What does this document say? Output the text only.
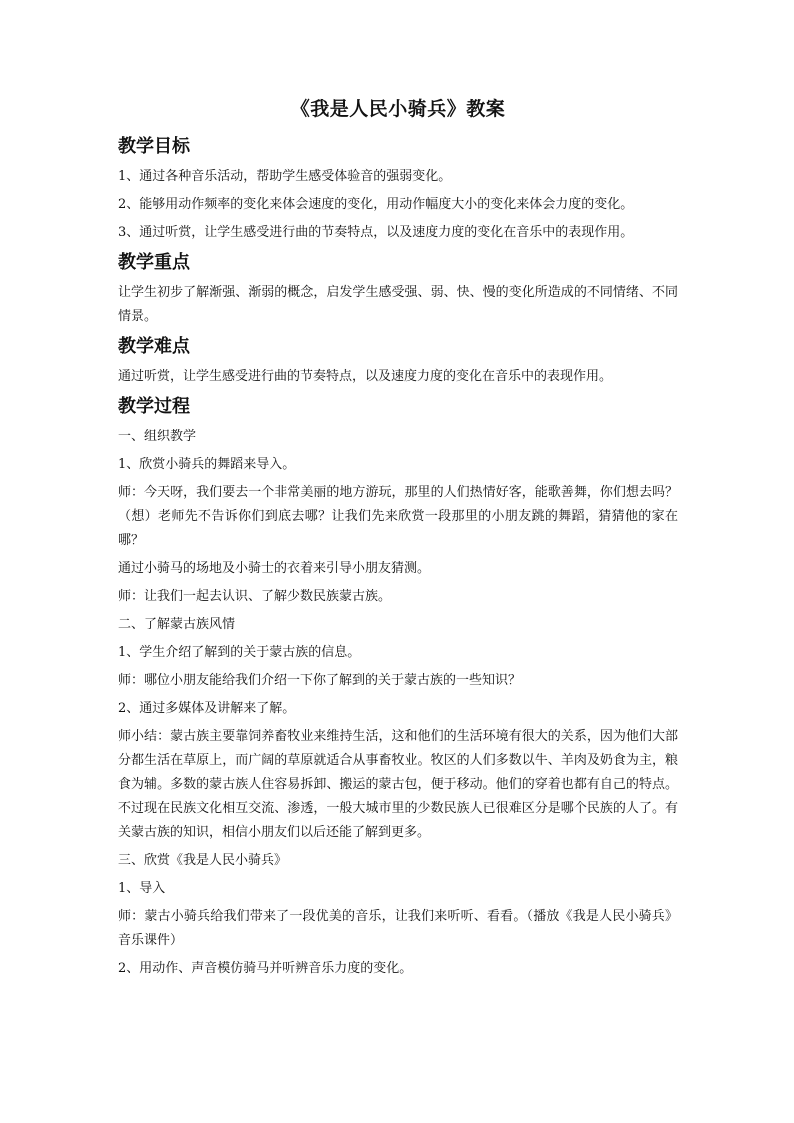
《我是人民小骑兵》教案
教学目标

1、通过各种音乐活动，帮助学生感受体验音的强弱变化。

2、能够用动作频率的变化来体会速度的变化，用动作幅度大小的变化来体会力度的变化。

3、通过听赏，让学生感受进行曲的节奏特点，以及速度力度的变化在音乐中的表现作用。

教学重点

让学生初步了解渐强、渐弱的概念，启发学生感受强、弱、快、慢的变化所造成的不同情绪、不同情景。

教学难点

通过听赏，让学生感受进行曲的节奏特点，以及速度力度的变化在音乐中的表现作用。

教学过程

一、组织教学

1、欣赏小骑兵的舞蹈来导入。

师：今天呀，我们要去一个非常美丽的地方游玩，那里的人们热情好客，能歌善舞，你们想去吗？（想）老师先不告诉你们到底去哪？让我们先来欣赏一段那里的小朋友跳的舞蹈，猜猜他的家在哪？

通过小骑马的场地及小骑士的衣着来引导小朋友猜测。

师：让我们一起去认识、了解少数民族蒙古族。

二、了解蒙古族风情

1、学生介绍了解到的关于蒙古族的信息。

师：哪位小朋友能给我们介绍一下你了解到的关于蒙古族的一些知识？

2、通过多媒体及讲解来了解。

师小结：蒙古族主要靠饲养畜牧业来维持生活，这和他们的生活环境有很大的关系，因为他们大部分都生活在草原上，而广阔的草原就适合从事畜牧业。牧区的人们多数以牛、羊肉及奶食为主，粮食为辅。多数的蒙古族人住容易拆卸、搬运的蒙古包，便于移动。他们的穿着也都有自己的特点。不过现在民族文化相互交流、渗透，一般大城市里的少数民族人已很难区分是哪个民族的人了。有关蒙古族的知识，相信小朋友们以后还能了解到更多。

三、欣赏《我是人民小骑兵》

1、导入

师：蒙古小骑兵给我们带来了一段优美的音乐，让我们来听听、看看。（播放《我是人民小骑兵》音乐课件）

2、用动作、声音模仿骑马并听辨音乐力度的变化。
